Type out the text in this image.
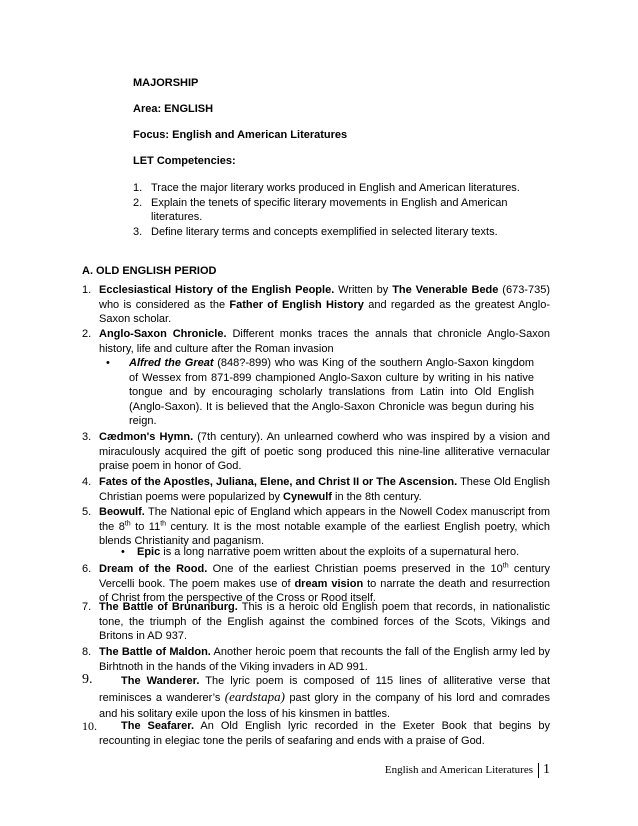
MAJORSHIP
Area: ENGLISH
Focus: English and American Literatures
LET Competencies:
1. Trace the major literary works produced in English and American literatures.
2. Explain the tenets of specific literary movements in English and American literatures.
3. Define literary terms and concepts exemplified in selected literary texts.
A. OLD ENGLISH PERIOD
1. Ecclesiastical History of the English People. Written by The Venerable Bede (673-735) who is considered as the Father of English History and regarded as the greatest Anglo-Saxon scholar.
2. Anglo-Saxon Chronicle. Different monks traces the annals that chronicle Anglo-Saxon history, life and culture after the Roman invasion
• Alfred the Great (848?-899) who was King of the southern Anglo-Saxon kingdom of Wessex from 871-899 championed Anglo-Saxon culture by writing in his native tongue and by encouraging scholarly translations from Latin into Old English (Anglo-Saxon). It is believed that the Anglo-Saxon Chronicle was begun during his reign.
3. Cædmon's Hymn. (7th century). An unlearned cowherd who was inspired by a vision and miraculously acquired the gift of poetic song produced this nine-line alliterative vernacular praise poem in honor of God.
4. Fates of the Apostles, Juliana, Elene, and Christ II or The Ascension. These Old English Christian poems were popularized by Cynewulf in the 8th century.
5. Beowulf. The National epic of England which appears in the Nowell Codex manuscript from the 8th to 11th century. It is the most notable example of the earliest English poetry, which blends Christianity and paganism.
• Epic is a long narrative poem written about the exploits of a supernatural hero.
6. Dream of the Rood. One of the earliest Christian poems preserved in the 10th century Vercelli book. The poem makes use of dream vision to narrate the death and resurrection of Christ from the perspective of the Cross or Rood itself.
7. The Battle of Brunanburg. This is a heroic old English poem that records, in nationalistic tone, the triumph of the English against the combined forces of the Scots, Vikings and Britons in AD 937.
8. The Battle of Maldon. Another heroic poem that recounts the fall of the English army led by Birhtnoth in the hands of the Viking invaders in AD 991.
9.	The Wanderer. The lyric poem is composed of 115 lines of alliterative verse that reminisces a wanderer’s (eardstapa) past glory in the company of his lord and comrades and his solitary exile upon the loss of his kinsmen in battles.
10.	The Seafarer. An Old English lyric recorded in the Exeter Book that begins by recounting in elegiac tone the perils of seafaring and ends with a praise of God.
English and American Literatures 1
